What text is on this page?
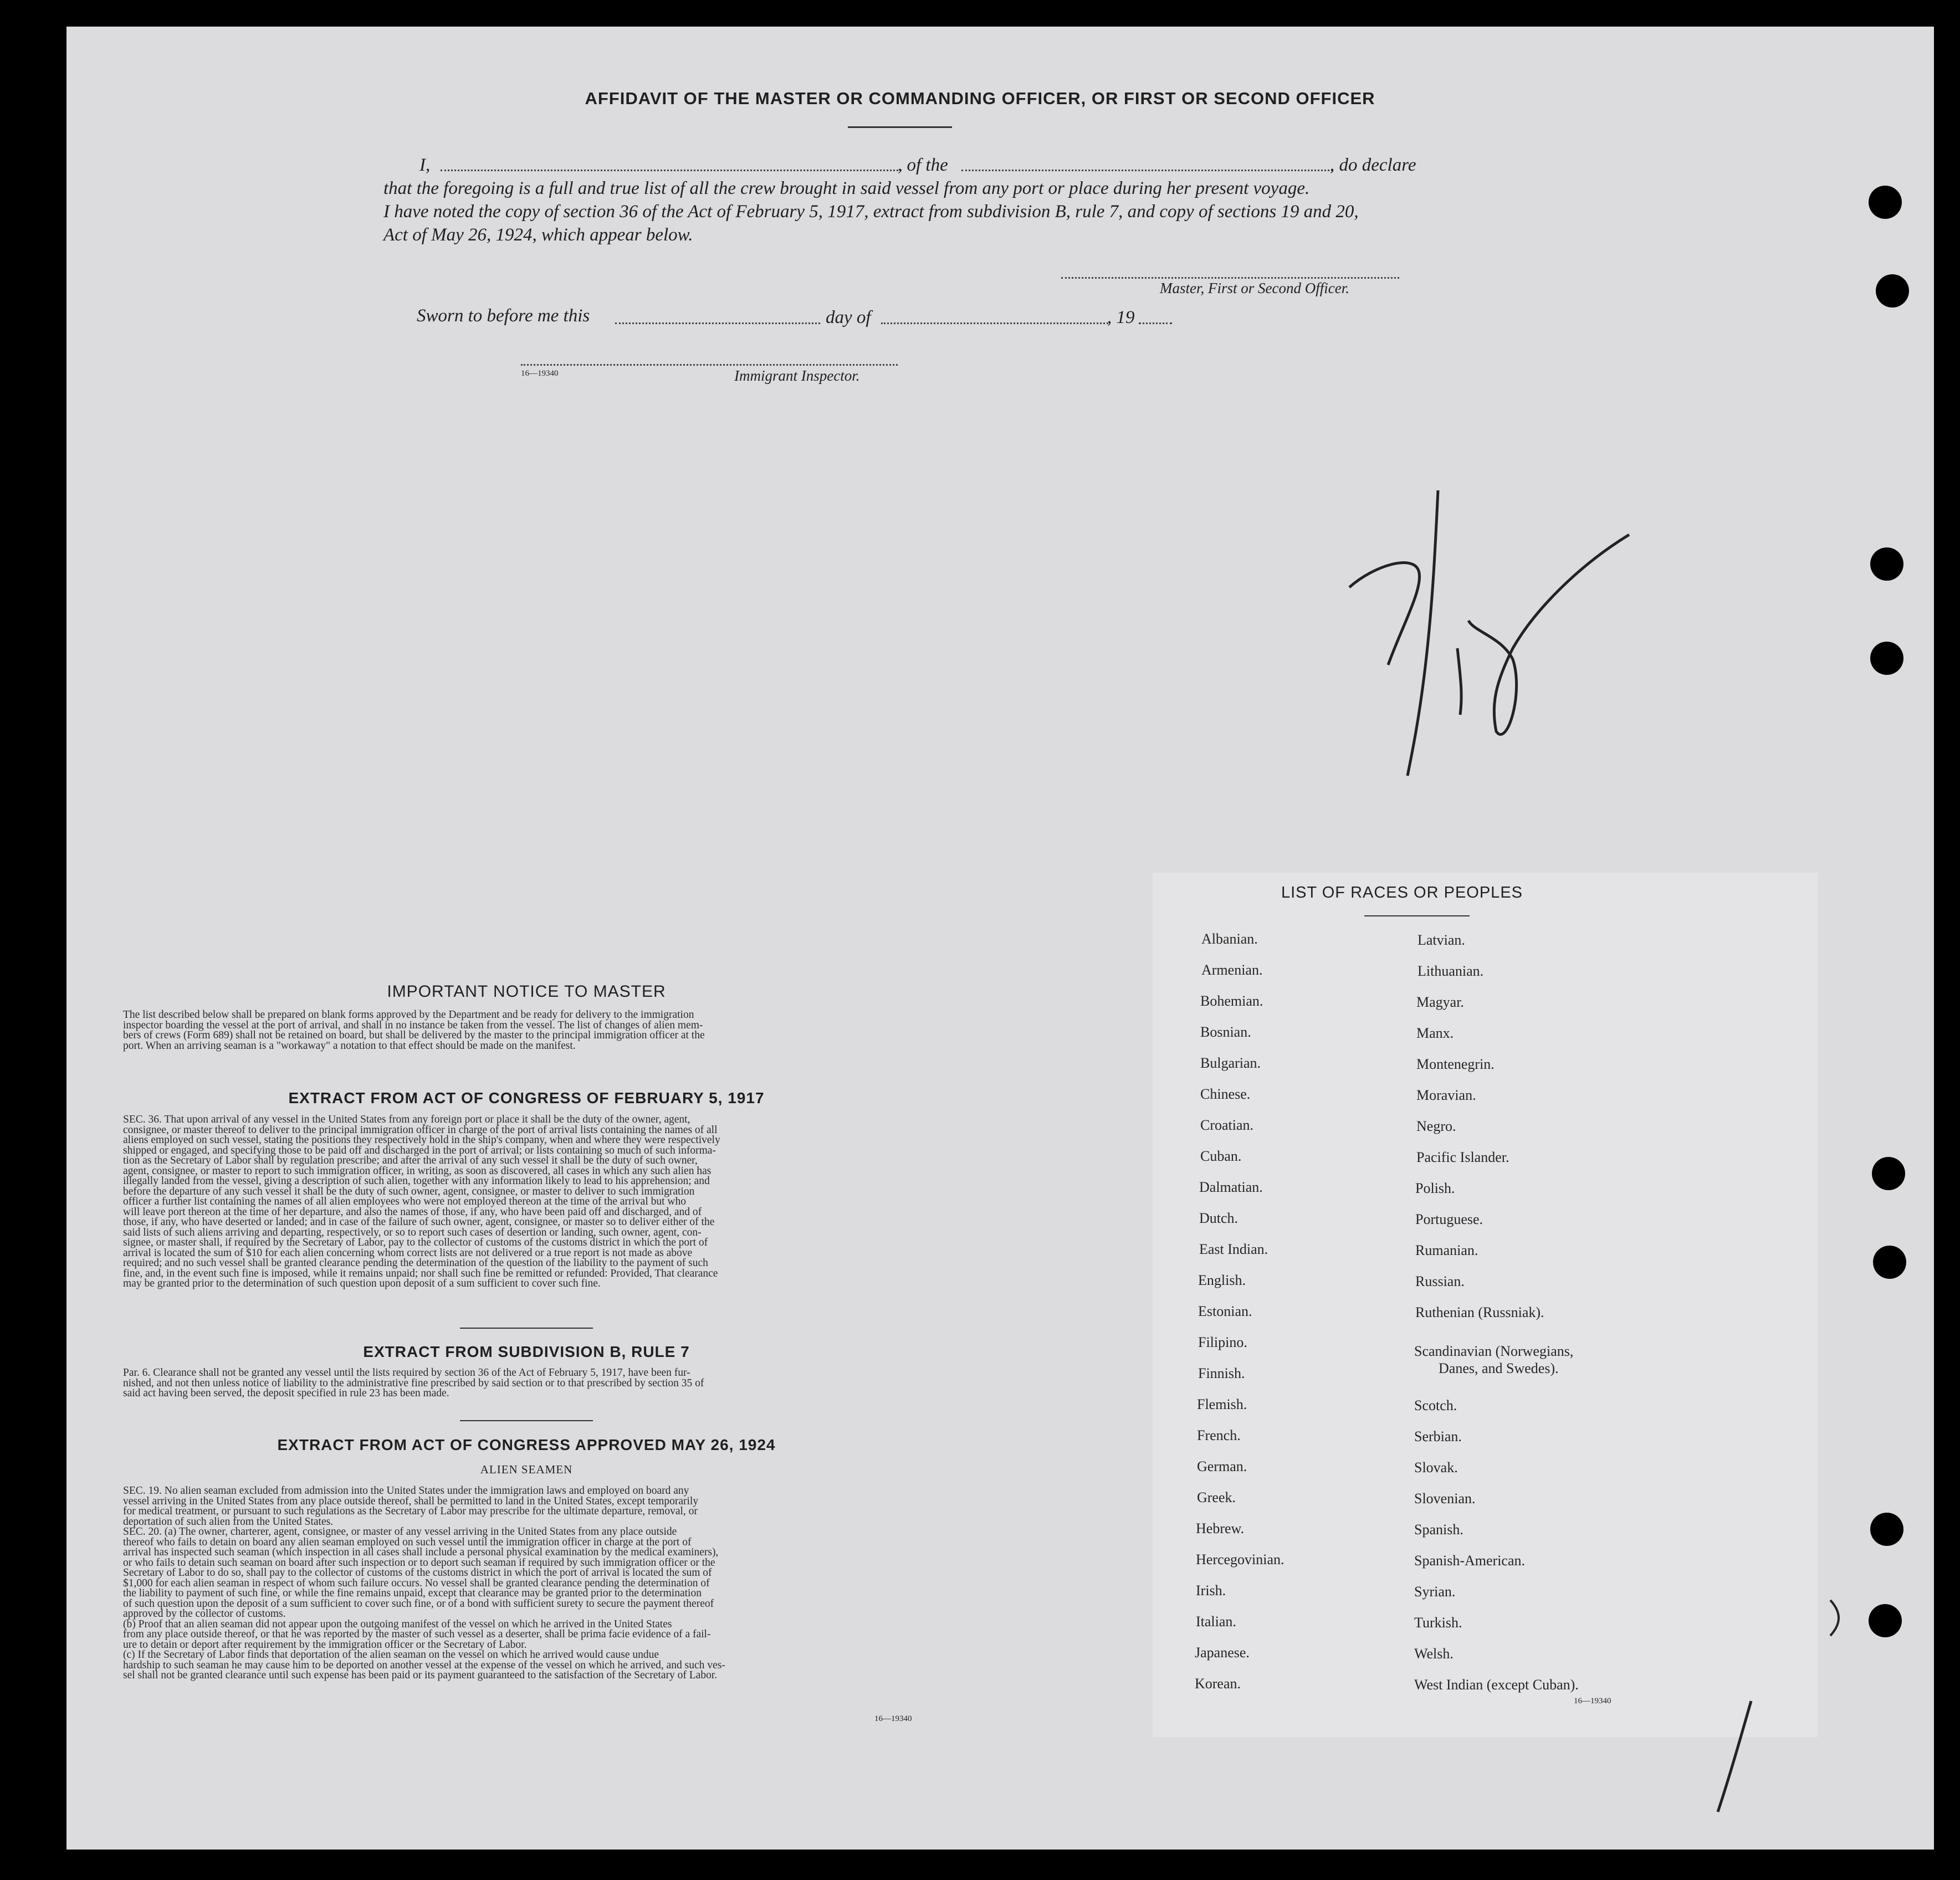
AFFIDAVIT OF THE MASTER OR COMMANDING OFFICER, OR FIRST OR SECOND OFFICER
I,	, of the	, do declare
that the foregoing is a full and true list of all the crew brought in said vessel from any port or place during her present voyage.
I have noted the copy of section 36 of the Act of February 5, 1917, extract from subdivision B, rule 7, and copy of sections 19 and 20,
Act of May 26, 1924, which appear below.
Master, First or Second Officer.
Sworn to before me this	day of	, 19
16—19340	Immigrant Inspector.
IMPORTANT NOTICE TO MASTER
The list described below shall be prepared on blank forms approved by the Department and be ready for delivery to the immigration
inspector boarding the vessel at the port of arrival, and shall in no instance be taken from the vessel. The list of changes of alien mem-
bers of crews (Form 689) shall not be retained on board, but shall be delivered by the master to the principal immigration officer at the
port. When an arriving seaman is a "workaway" a notation to that effect should be made on the manifest.
EXTRACT FROM ACT OF CONGRESS OF FEBRUARY 5, 1917
SEC. 36. That upon arrival of any vessel in the United States from any foreign port or place it shall be the duty of the owner, agent,
consignee, or master thereof to deliver to the principal immigration officer in charge of the port of arrival lists containing the names of all
aliens employed on such vessel, stating the positions they respectively hold in the ship's company, when and where they were respectively
shipped or engaged, and specifying those to be paid off and discharged in the port of arrival; or lists containing so much of such informa-
tion as the Secretary of Labor shall by regulation prescribe; and after the arrival of any such vessel it shall be the duty of such owner,
agent, consignee, or master to report to such immigration officer, in writing, as soon as discovered, all cases in which any such alien has
illegally landed from the vessel, giving a description of such alien, together with any information likely to lead to his apprehension; and
before the departure of any such vessel it shall be the duty of such owner, agent, consignee, or master to deliver to such immigration
officer a further list containing the names of all alien employees who were not employed thereon at the time of the arrival but who
will leave port thereon at the time of her departure, and also the names of those, if any, who have been paid off and discharged, and of
those, if any, who have deserted or landed; and in case of the failure of such owner, agent, consignee, or master so to deliver either of the
said lists of such aliens arriving and departing, respectively, or so to report such cases of desertion or landing, such owner, agent, con-
signee, or master shall, if required by the Secretary of Labor, pay to the collector of customs of the customs district in which the port of
arrival is located the sum of $10 for each alien concerning whom correct lists are not delivered or a true report is not made as above
required; and no such vessel shall be granted clearance pending the determination of the question of the liability to the payment of such
fine, and, in the event such fine is imposed, while it remains unpaid; nor shall such fine be remitted or refunded: Provided, That clearance
may be granted prior to the determination of such question upon deposit of a sum sufficient to cover such fine.
EXTRACT FROM SUBDIVISION B, RULE 7
Par. 6. Clearance shall not be granted any vessel until the lists required by section 36 of the Act of February 5, 1917, have been fur-
nished, and not then unless notice of liability to the administrative fine prescribed by said section or to that prescribed by section 35 of
said act having been served, the deposit specified in rule 23 has been made.
EXTRACT FROM ACT OF CONGRESS APPROVED MAY 26, 1924
ALIEN SEAMEN
SEC. 19. No alien seaman excluded from admission into the United States under the immigration laws and employed on board any
vessel arriving in the United States from any place outside thereof, shall be permitted to land in the United States, except temporarily
for medical treatment, or pursuant to such regulations as the Secretary of Labor may prescribe for the ultimate departure, removal, or
deportation of such alien from the United States.
SEC. 20. (a) The owner, charterer, agent, consignee, or master of any vessel arriving in the United States from any place outside
thereof who fails to detain on board any alien seaman employed on such vessel until the immigration officer in charge at the port of
arrival has inspected such seaman (which inspection in all cases shall include a personal physical examination by the medical examiners),
or who fails to detain such seaman on board after such inspection or to deport such seaman if required by such immigration officer or the
Secretary of Labor to do so, shall pay to the collector of customs of the customs district in which the port of arrival is located the sum of
$1,000 for each alien seaman in respect of whom such failure occurs. No vessel shall be granted clearance pending the determination of
the liability to payment of such fine, or while the fine remains unpaid, except that clearance may be granted prior to the determination
of such question upon the deposit of a sum sufficient to cover such fine, or of a bond with sufficient surety to secure the payment thereof
approved by the collector of customs.
(b) Proof that an alien seaman did not appear upon the outgoing manifest of the vessel on which he arrived in the United States
from any place outside thereof, or that he was reported by the master of such vessel as a deserter, shall be prima facie evidence of a fail-
ure to detain or deport after requirement by the immigration officer or the Secretary of Labor.
(c) If the Secretary of Labor finds that deportation of the alien seaman on the vessel on which he arrived would cause undue
hardship to such seaman he may cause him to be deported on another vessel at the expense of the vessel on which he arrived, and such ves-
sel shall not be granted clearance until such expense has been paid or its payment guaranteed to the satisfaction of the Secretary of Labor.
16—19340
LIST OF RACES OR PEOPLES
Albanian.
Armenian.
Bohemian.
Bosnian.
Bulgarian.
Chinese.
Croatian.
Cuban.
Dalmatian.
Dutch.
East Indian.
English.
Estonian.
Filipino.
Finnish.
Flemish.
French.
German.
Greek.
Hebrew.
Hercegovinian.
Irish.
Italian.
Japanese.
Korean.
Latvian.
Lithuanian.
Magyar.
Manx.
Montenegrin.
Moravian.
Negro.
Pacific Islander.
Polish.
Portuguese.
Rumanian.
Russian.
Ruthenian (Russniak).
Scandinavian (Norwegians,
Danes, and Swedes).
Scotch.
Serbian.
Slovak.
Slovenian.
Spanish.
Spanish-American.
Syrian.
Turkish.
Welsh.
West Indian (except Cuban).
16—19340
